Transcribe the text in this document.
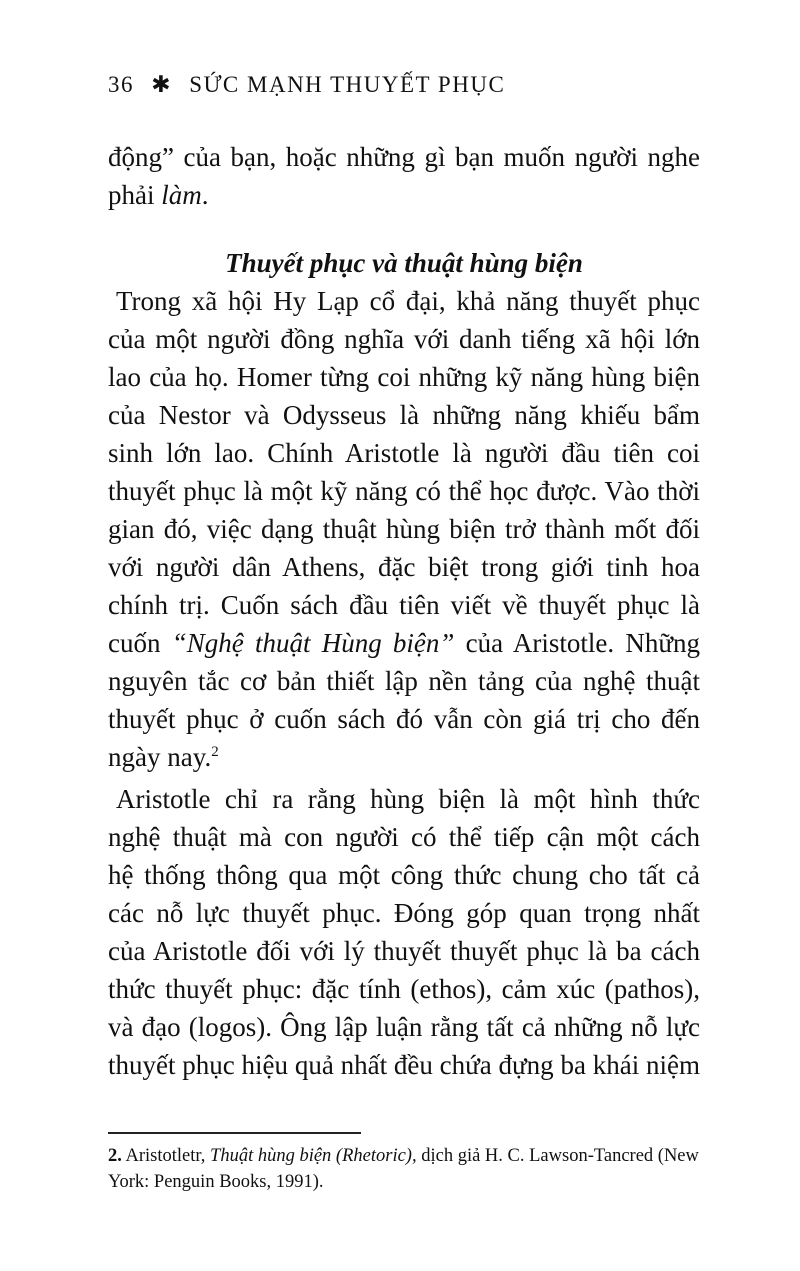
36 ✱ SỨC MẠNH THUYẾT PHỤC
động” của bạn, hoặc những gì bạn muốn người nghe
phải làm.
Thuyết phục và thuật hùng biện
Trong xã hội Hy Lạp cổ đại, khả năng thuyết phục
của một người đồng nghĩa với danh tiếng xã hội lớn
lao của họ. Homer từng coi những kỹ năng hùng biện
của Nestor và Odysseus là những năng khiếu bẩm
sinh lớn lao. Chính Aristotle là người đầu tiên coi
thuyết phục là một kỹ năng có thể học được. Vào thời
gian đó, việc dạng thuật hùng biện trở thành mốt đối
với người dân Athens, đặc biệt trong giới tinh hoa
chính trị. Cuốn sách đầu tiên viết về thuyết phục là
cuốn “Nghệ thuật Hùng biện” của Aristotle. Những
nguyên tắc cơ bản thiết lập nền tảng của nghệ thuật
thuyết phục ở cuốn sách đó vẫn còn giá trị cho đến
ngày nay.$^2$
Aristotle chỉ ra rằng hùng biện là một hình thức
nghệ thuật mà con người có thể tiếp cận một cách
hệ thống thông qua một công thức chung cho tất cả
các nỗ lực thuyết phục. Đóng góp quan trọng nhất
của Aristotle đối với lý thuyết thuyết phục là ba cách
thức thuyết phục: đặc tính (ethos), cảm xúc (pathos),
và đạo (logos). Ông lập luận rằng tất cả những nỗ lực
thuyết phục hiệu quả nhất đều chứa đựng ba khái niệm
2. Aristotletr, Thuật hùng biện (Rhetoric), dịch giả H. C. Lawson-Tancred (New
York: Penguin Books, 1991).
